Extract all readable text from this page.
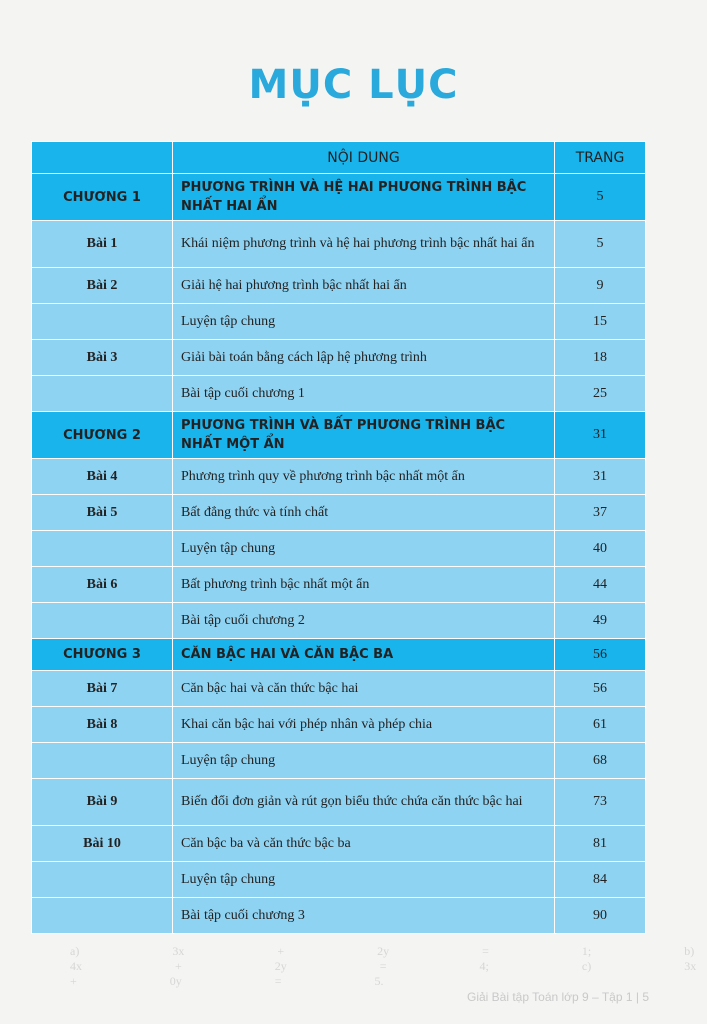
MỤC LỤC
	NỘI DUNG	TRANG
CHƯƠNG 1	PHƯƠNG TRÌNH VÀ HỆ HAI PHƯƠNG TRÌNH BẬC NHẤT HAI ẨN	5
Bài 1	Khái niệm phương trình và hệ hai phương trình bậc nhất hai ẩn	5
Bài 2	Giải hệ hai phương trình bậc nhất hai ẩn	9
	Luyện tập chung	15
Bài 3	Giải bài toán bằng cách lập hệ phương trình	18
	Bài tập cuối chương 1	25
CHƯƠNG 2	PHƯƠNG TRÌNH VÀ BẤT PHƯƠNG TRÌNH BẬC NHẤT MỘT ẨN	31
Bài 4	Phương trình quy về phương trình bậc nhất một ẩn	31
Bài 5	Bất đẳng thức và tính chất	37
	Luyện tập chung	40
Bài 6	Bất phương trình bậc nhất một ẩn	44
	Bài tập cuối chương 2	49
CHƯƠNG 3	CĂN BẬC HAI VÀ CĂN BẬC BA	56
Bài 7	Căn bậc hai và căn thức bậc hai	56
Bài 8	Khai căn bậc hai với phép nhân và phép chia	61
	Luyện tập chung	68
Bài 9	Biến đổi đơn giản và rút gọn biểu thức chứa căn thức bậc hai	73
Bài 10	Căn bậc ba và căn thức bậc ba	81
	Luyện tập chung	84
	Bài tập cuối chương 3	90
a) 3x + 2y = 1; b) 4x + 2y = 4; c) 3x + 0y = 5.
Giải Bài tập Toán lớp 9 – Tập 1 | 5
